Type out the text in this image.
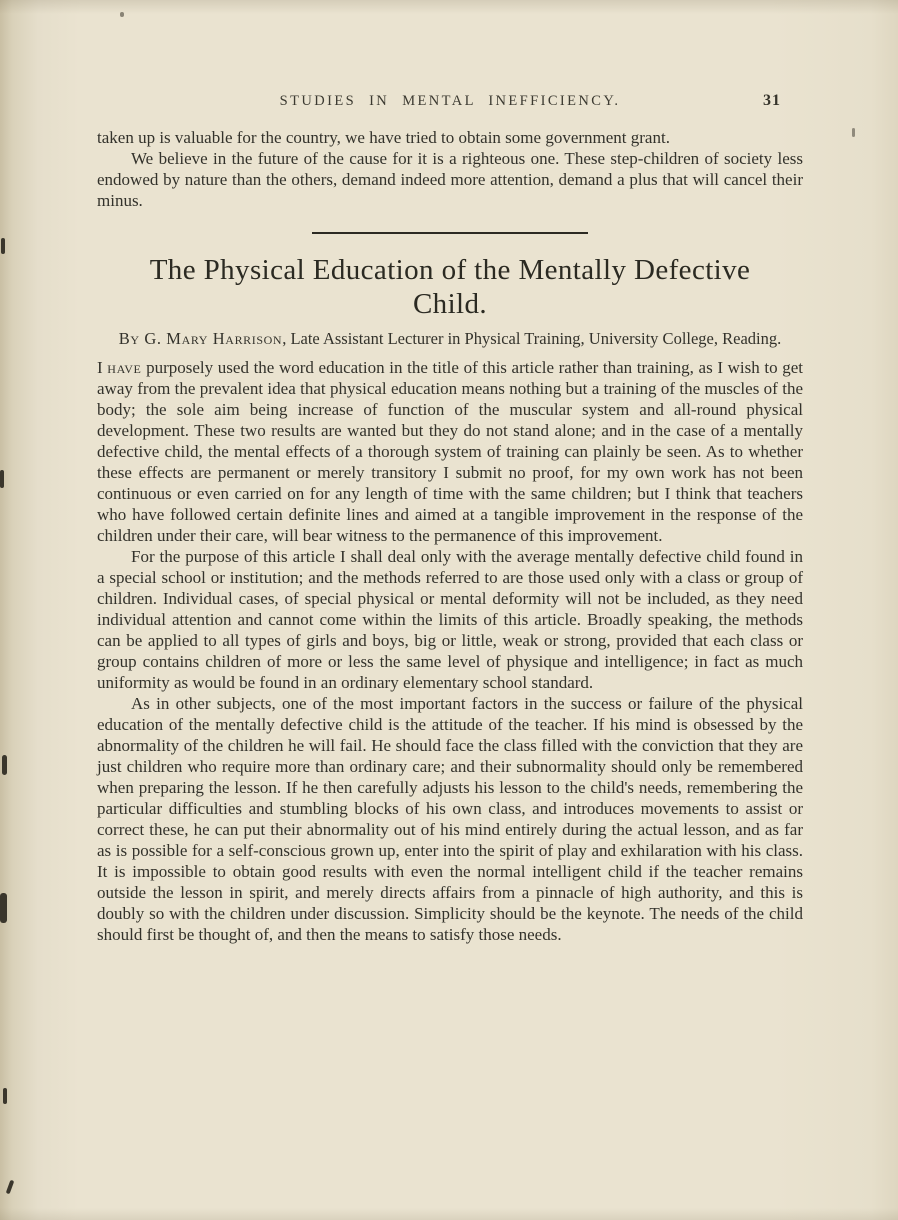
STUDIES IN MENTAL INEFFICIENCY.	31

taken up is valuable for the country, we have tried to obtain some government grant.

We believe in the future of the cause for it is a righteous one. These step-children of society less endowed by nature than the others, demand indeed more attention, demand a plus that will cancel their minus.

The Physical Education of the Mentally Defective
Child.

By G. Mary Harrison, Late Assistant Lecturer in Physical Training, University College, Reading.

I have purposely used the word education in the title of this article rather than training, as I wish to get away from the prevalent idea that physical education means nothing but a training of the muscles of the body; the sole aim being increase of function of the muscular system and all-round physical development. These two results are wanted but they do not stand alone; and in the case of a mentally defective child, the mental effects of a thorough system of training can plainly be seen. As to whether these effects are permanent or merely transitory I submit no proof, for my own work has not been continuous or even carried on for any length of time with the same children; but I think that teachers who have followed certain definite lines and aimed at a tangible improvement in the response of the children under their care, will bear witness to the permanence of this improvement.

For the purpose of this article I shall deal only with the average mentally defective child found in a special school or institution; and the methods referred to are those used only with a class or group of children. Individual cases, of special physical or mental deformity will not be included, as they need individual attention and cannot come within the limits of this article. Broadly speaking, the methods can be applied to all types of girls and boys, big or little, weak or strong, provided that each class or group contains children of more or less the same level of physique and intelligence; in fact as much uniformity as would be found in an ordinary elementary school standard.

As in other subjects, one of the most important factors in the success or failure of the physical education of the mentally defective child is the attitude of the teacher. If his mind is obsessed by the abnormality of the children he will fail. He should face the class filled with the conviction that they are just children who require more than ordinary care; and their subnormality should only be remembered when preparing the lesson. If he then carefully adjusts his lesson to the child's needs, remembering the particular difficulties and stumbling blocks of his own class, and introduces movements to assist or correct these, he can put their abnormality out of his mind entirely during the actual lesson, and as far as is possible for a self-conscious grown up, enter into the spirit of play and exhilaration with his class. It is impossible to obtain good results with even the normal intelligent child if the teacher remains outside the lesson in spirit, and merely directs affairs from a pinnacle of high authority, and this is doubly so with the children under discussion. Simplicity should be the keynote. The needs of the child should first be thought of, and then the means to satisfy those needs.
